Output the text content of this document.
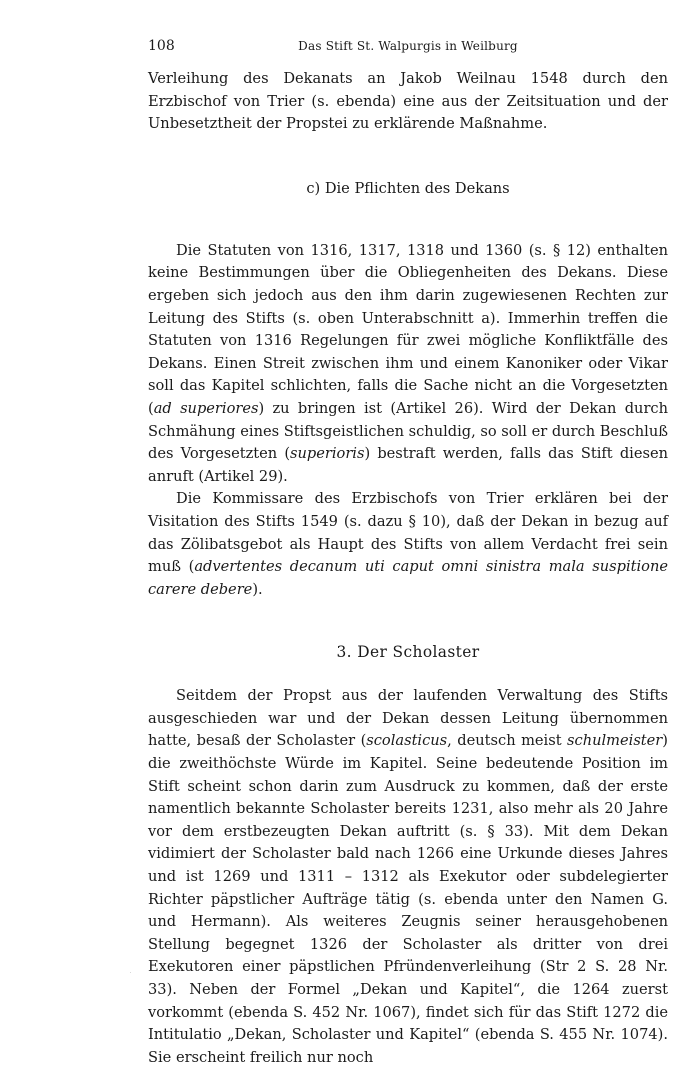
108	Das Stift St. Walpurgis in Weilburg

Verleihung des Dekanats an Jakob Weilnau 1548 durch den Erzbischof von Trier (s. ebenda) eine aus der Zeitsituation und der Unbesetztheit der Propstei zu erklärende Maßnahme.

c) Die Pflichten des Dekans

Die Statuten von 1316, 1317, 1318 und 1360 (s. § 12) enthalten keine Bestimmungen über die Obliegenheiten des Dekans. Diese ergeben sich jedoch aus den ihm darin zugewiesenen Rechten zur Leitung des Stifts (s. oben Unterabschnitt a). Immerhin treffen die Statuten von 1316 Regelungen für zwei mögliche Konfliktfälle des Dekans. Einen Streit zwischen ihm und einem Kanoniker oder Vikar soll das Kapitel schlichten, falls die Sache nicht an die Vorgesetzten (ad superiores) zu bringen ist (Artikel 26). Wird der Dekan durch Schmähung eines Stiftsgeistlichen schuldig, so soll er durch Beschluß des Vorgesetzten (superioris) bestraft werden, falls das Stift diesen anruft (Artikel 29).

Die Kommissare des Erzbischofs von Trier erklären bei der Visitation des Stifts 1549 (s. dazu § 10), daß der Dekan in bezug auf das Zölibatsgebot als Haupt des Stifts von allem Verdacht frei sein muß (advertentes decanum uti caput omni sinistra mala suspitione carere debere).

3. Der Scholaster

Seitdem der Propst aus der laufenden Verwaltung des Stifts ausgeschieden war und der Dekan dessen Leitung übernommen hatte, besaß der Scholaster (scolasticus, deutsch meist schulmeister) die zweithöchste Würde im Kapitel. Seine bedeutende Position im Stift scheint schon darin zum Ausdruck zu kommen, daß der erste namentlich bekannte Scholaster bereits 1231, also mehr als 20 Jahre vor dem erstbezeugten Dekan auftritt (s. § 33). Mit dem Dekan vidimiert der Scholaster bald nach 1266 eine Urkunde dieses Jahres und ist 1269 und 1311 – 1312 als Exekutor oder subdelegierter Richter päpstlicher Aufträge tätig (s. ebenda unter den Namen G. und Hermann). Als weiteres Zeugnis seiner herausgehobenen Stellung begegnet 1326 der Scholaster als dritter von drei Exekutoren einer päpstlichen Pfründenverleihung (Str 2 S. 28 Nr. 33). Neben der Formel „Dekan und Kapitel“, die 1264 zuerst vorkommt (ebenda S. 452 Nr. 1067), findet sich für das Stift 1272 die Intitulatio „Dekan, Scholaster und Kapitel“ (ebenda S. 455 Nr. 1074). Sie erscheint freilich nur noch
